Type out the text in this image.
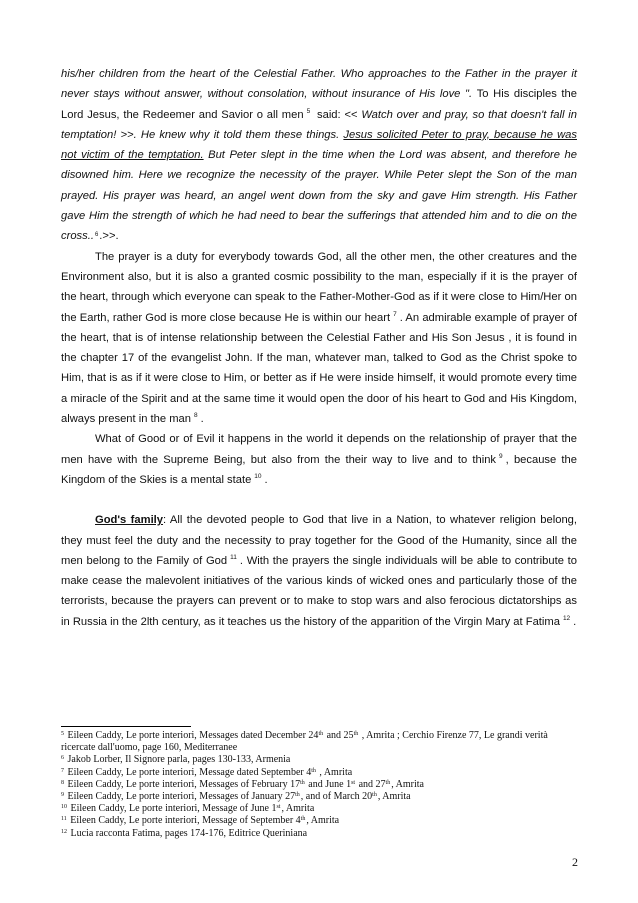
his/her children from the heart of the Celestial Father. Who approaches to the Father in the prayer it never stays without answer, without consolation, without insurance of His love ". To His disciples the Lord Jesus, the Redeemer and Savior o all men $^5$ said: << Watch over and pray, so that doesn't fall in temptation! >>. He knew why it told them these things. Jesus solicited Peter to pray, because he was not victim of the temptation. But Peter slept in the time when the Lord was absent, and therefore he disowned him. Here we recognize the necessity of the prayer. While Peter slept the Son of the man prayed. His prayer was heard, an angel went down from the sky and gave Him strength. His Father gave Him the strength of which he had need to bear the sufferings that attended him and to die on the cross..$^6$.>>.

The prayer is a duty for everybody towards God, all the other men, the other creatures and the Environment also, but it is also a granted cosmic possibility to the man, especially if it is the prayer of the heart, through which everyone can speak to the Father-Mother-God as if it were close to Him/Her on the Earth, rather God is more close because He is within our heart $^7$ . An admirable example of prayer of the heart, that is of intense relationship between the Celestial Father and His Son Jesus , it is found in the chapter 17 of the evangelist John. If the man, whatever man, talked to God as the Christ spoke to Him, that is as if it were close to Him, or better as if He were inside himself, it would promote every time a miracle of the Spirit and at the same time it would open the door of his heart to God and His Kingdom, always present in the man $^8$ .

What of Good or of Evil it happens in the world it depends on the relationship of prayer that the men have with the Supreme Being, but also from the their way to live and to think $^9$ , because the Kingdom of the Skies is a mental state $^{10}$ .

God's family: All the devoted people to God that live in a Nation, to whatever religion belong, they must feel the duty and the necessity to pray together for the Good of the Humanity, since all the men belong to the Family of God $^{11}$ . With the prayers the single individuals will be able to contribute to make cease the malevolent initiatives of the various kinds of wicked ones and particularly those of the terrorists, because the prayers can prevent or to make to stop wars and also ferocious dictatorships as in Russia in the 2lth century, as it teaches us the history of the apparition of the Virgin Mary at Fatima $^{12}$ .

$^5$ Eileen Caddy, Le porte interiori, Messages dated December 24th and 25th , Amrita ; Cerchio Firenze 77, Le grandi verità ricercate dall'uomo, page 160, Mediterranee
$^6$ Jakob Lorber, Il Signore parla, pages 130-133, Armenia
$^7$ Eileen Caddy, Le porte interiori, Message dated September 4th , Amrita
$^8$ Eileen Caddy, Le porte interiori, Messages of February 17th and June 1st and 27th, Amrita
$^9$ Eileen Caddy, Le porte interiori, Messages of January 27th, and of March 20th, Amrita
$^{10}$ Eileen Caddy, Le porte interiori, Message of June 1st, Amrita
$^{11}$ Eileen Caddy, Le porte interiori, Message of September 4th, Amrita
$^{12}$ Lucia racconta Fatima, pages 174-176, Editrice Queriniana
2
